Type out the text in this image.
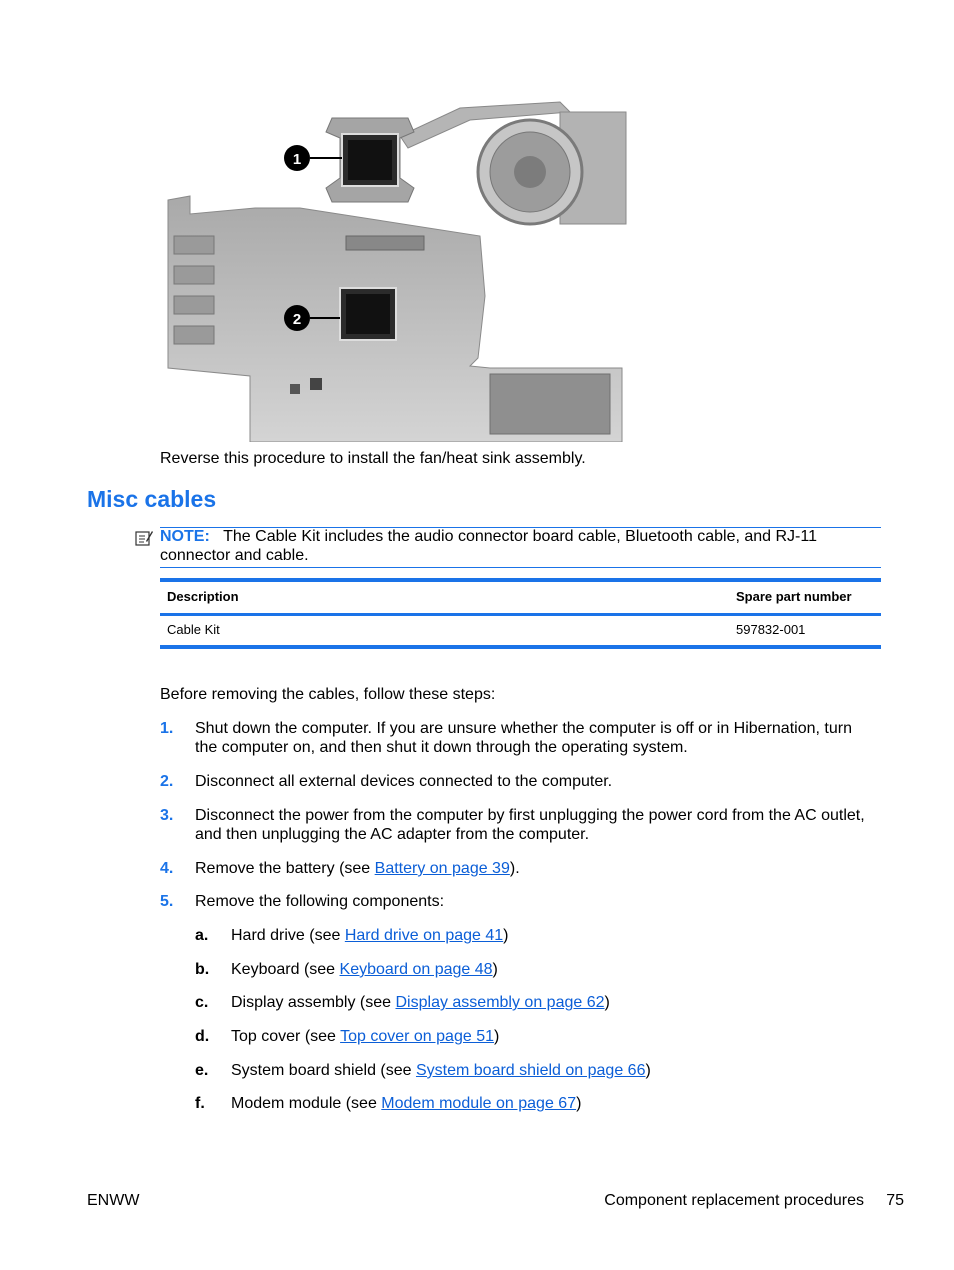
1
2
Reverse this procedure to install the fan/heat sink assembly.
Misc cables
NOTE: The Cable Kit includes the audio connector board cable, Bluetooth cable, and RJ-11 connector and cable.
Description	Spare part number
Cable Kit	597832-001
Before removing the cables, follow these steps:
1. Shut down the computer. If you are unsure whether the computer is off or in Hibernation, turn the computer on, and then shut it down through the operating system.
2. Disconnect all external devices connected to the computer.
3. Disconnect the power from the computer by first unplugging the power cord from the AC outlet, and then unplugging the AC adapter from the computer.
4. Remove the battery (see Battery on page 39).
5. Remove the following components:
a. Hard drive (see Hard drive on page 41)
b. Keyboard (see Keyboard on page 48)
c. Display assembly (see Display assembly on page 62)
d. Top cover (see Top cover on page 51)
e. System board shield (see System board shield on page 66)
f. Modem module (see Modem module on page 67)
ENWW	Component replacement procedures 75
